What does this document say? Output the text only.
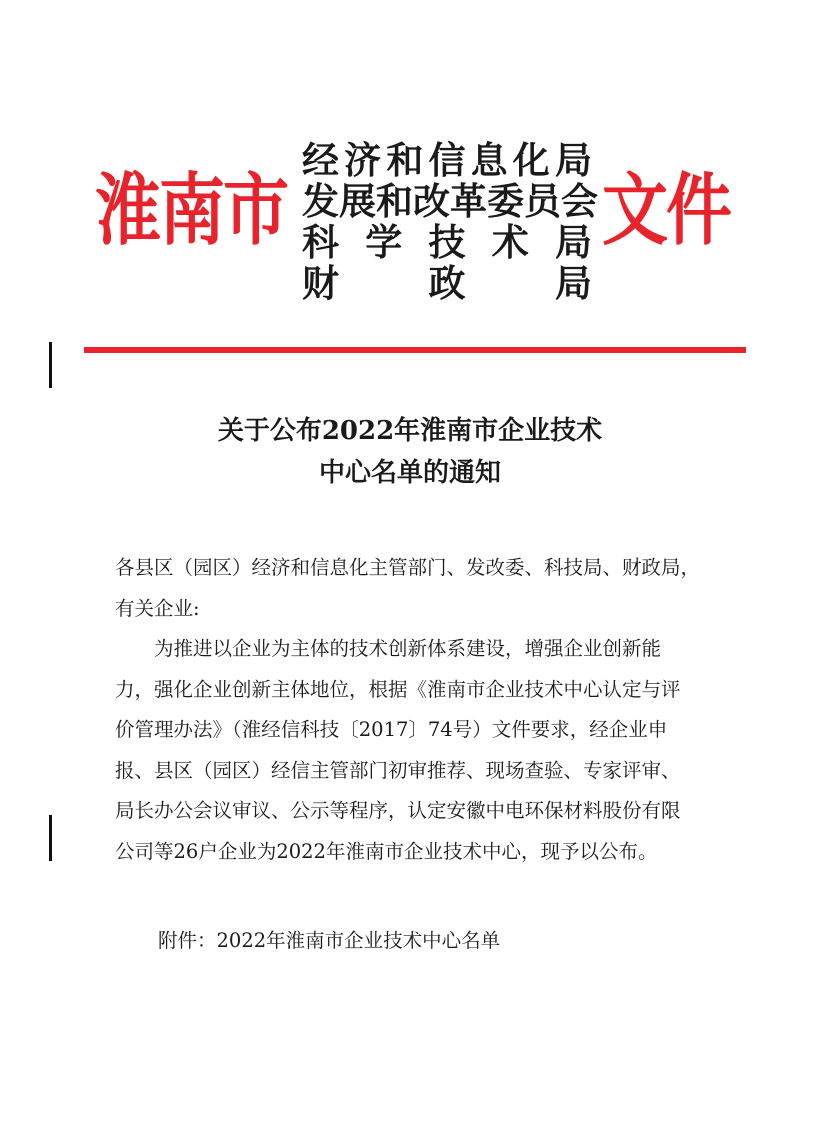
淮南市
经 济 和 信 息 化 局
发 展 和 改 革 委 员 会
科 学 技 术 局
财 政 局
文件
关于公布2022年淮南市企业技术
中心名单的通知
各县区（园区）经济和信息化主管部门、发改委、科技局、财政局，
有关企业:
　　为推进以企业为主体的技术创新体系建设，增强企业创新能
力，强化企业创新主体地位，根据《淮南市企业技术中心认定与评
价管理办法》（淮经信科技〔2017〕74号）文件要求，经企业申
报、县区（园区）经信主管部门初审推荐、现场查验、专家评审、
局长办公会议审议、公示等程序，认定安徽中电环保材料股份有限
公司等26户企业为2022年淮南市企业技术中心，现予以公布。
附件：2022年淮南市企业技术中心名单
